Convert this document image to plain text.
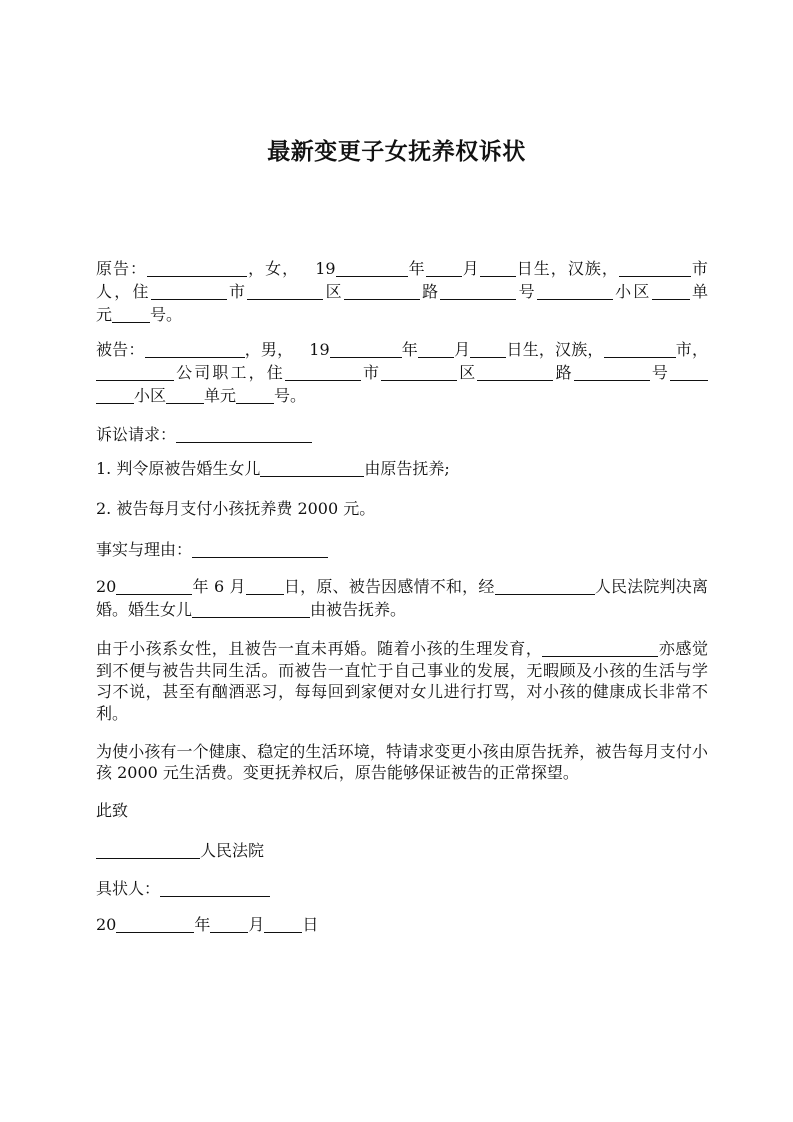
最新变更子女抚养权诉状
原告：	，女， 19	年 月 日生，汉族，	市
人，住	市	区	路	号	小区 单
元 号。
被告：	，男， 19	年 月 日生，汉族，	市，
公司职工，住	市	区	路	号
小区 单元 号。
诉讼请求：
1. 判令原被告婚生女儿	由原告抚养;
2. 被告每月支付小孩抚养费 2000 元。
事实与理由：
20	年 6 月 日，原、被告因感情不和，经	人民法院判决离
婚。婚生女儿	由被告抚养。
由于小孩系女性，且被告一直未再婚。随着小孩的生理发育，	亦感觉
到不便与被告共同生活。而被告一直忙于自己事业的发展，无暇顾及小孩的生活与学
习不说，甚至有酗酒恶习，每每回到家便对女儿进行打骂，对小孩的健康成长非常不
利。
为使小孩有一个健康、稳定的生活环境，特请求变更小孩由原告抚养，被告每月支付小
孩 2000 元生活费。变更抚养权后，原告能够保证被告的正常探望。
此致
人民法院
具状人：
20	年 月 日
